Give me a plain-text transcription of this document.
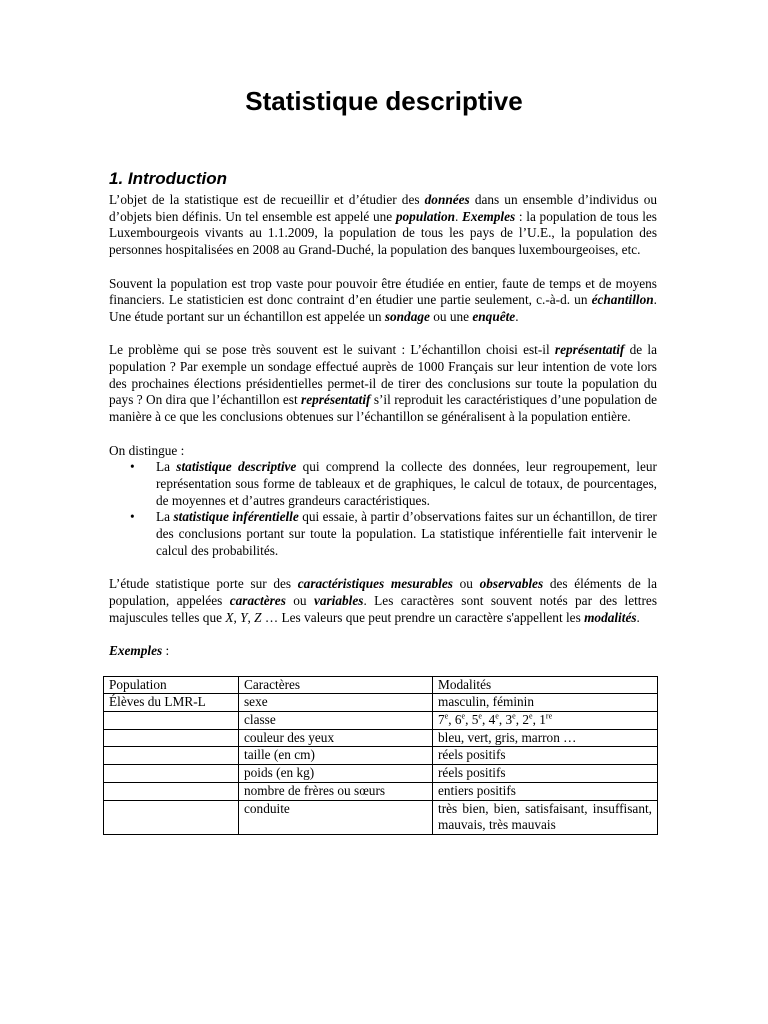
Statistique descriptive
1. Introduction

L’objet de la statistique est de recueillir et d’étudier des données dans un ensemble d’individus ou d’objets bien définis. Un tel ensemble est appelé une population. Exemples : la population de tous les Luxembourgeois vivants au 1.1.2009, la population de tous les pays de l’U.E., la population des personnes hospitalisées en 2008 au Grand-Duché, la population des banques luxembourgeoises, etc.

Souvent la population est trop vaste pour pouvoir être étudiée en entier, faute de temps et de moyens financiers. Le statisticien est donc contraint d’en étudier une partie seulement, c.-à-d. un échantillon. Une étude portant sur un échantillon est appelée un sondage ou une enquête.

Le problème qui se pose très souvent est le suivant : L’échantillon choisi est-il représentatif de la population ? Par exemple un sondage effectué auprès de 1000 Français sur leur intention de vote lors des prochaines élections présidentielles permet-il de tirer des conclusions sur toute la population du pays ? On dira que l’échantillon est représentatif s’il reproduit les caractéristiques d’une population de manière à ce que les conclusions obtenues sur l’échantillon se généralisent à la population entière.

On distingue :

• La statistique descriptive qui comprend la collecte des données, leur regroupement, leur représentation sous forme de tableaux et de graphiques, le calcul de totaux, de pourcentages, de moyennes et d’autres grandeurs caractéristiques.
• La statistique inférentielle qui essaie, à partir d’observations faites sur un échantillon, de tirer des conclusions portant sur toute la population. La statistique inférentielle fait intervenir le calcul des probabilités.

L’étude statistique porte sur des caractéristiques mesurables ou observables des éléments de la population, appelées caractères ou variables. Les caractères sont souvent notés par des lettres majuscules telles que X, Y, Z … Les valeurs que peut prendre un caractère s'appellent les modalités.

Exemples :

Population	Caractères	Modalités
Élèves du LMR-L	sexe	masculin, féminin
	classe	7e, 6e, 5e, 4e, 3e, 2e, 1re
	couleur des yeux	bleu, vert, gris, marron …
	taille (en cm)	réels positifs
	poids (en kg)	réels positifs
	nombre de frères ou sœurs	entiers positifs
	conduite	très bien, bien, satisfaisant, insuffisant, mauvais, très mauvais
